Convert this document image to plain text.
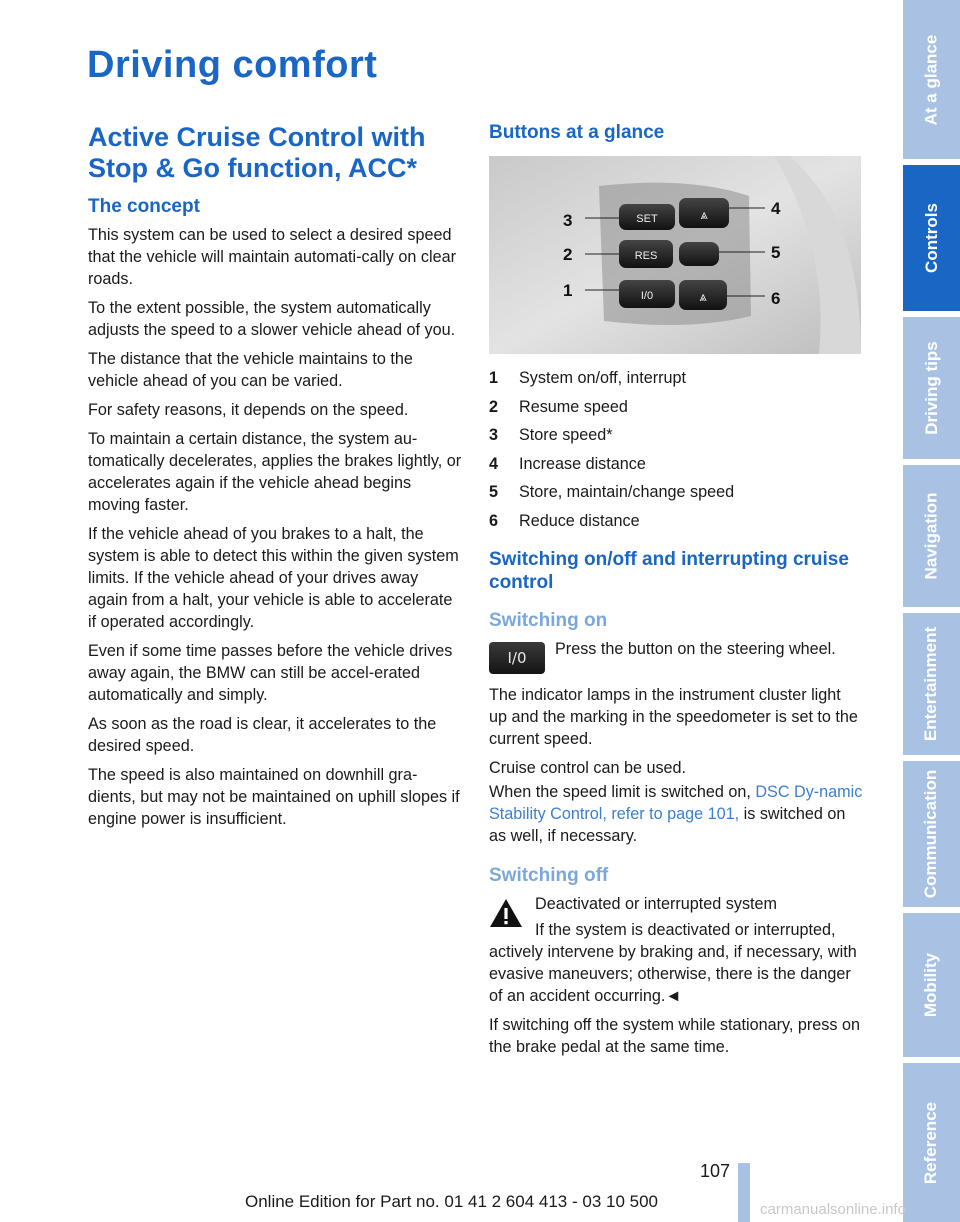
Driving comfort
Active Cruise Control with Stop & Go function, ACC*
The concept

This system can be used to select a desired speed that the vehicle will maintain automati-cally on clear roads.

To the extent possible, the system automatically adjusts the speed to a slower vehicle ahead of you.

The distance that the vehicle maintains to the vehicle ahead of you can be varied.

For safety reasons, it depends on the speed.

To maintain a certain distance, the system au-tomatically decelerates, applies the brakes lightly, or accelerates again if the vehicle ahead begins moving faster.

If the vehicle ahead of you brakes to a halt, the system is able to detect this within the given system limits. If the vehicle ahead of your drives away again from a halt, your vehicle is able to accelerate if operated accordingly.

Even if some time passes before the vehicle drives away again, the BMW can still be accel-erated automatically and simply.

As soon as the road is clear, it accelerates to the desired speed.

The speed is also maintained on downhill gra-dients, but may not be maintained on uphill slopes if engine power is insufficient.

Buttons at a glance
SET	⩓
RES
I/0	⩓
3
2
1
4
5
6
1	System on/off, interrupt
2	Resume speed
3	Store speed*
4	Increase distance
5	Store, maintain/change speed
6	Reduce distance
Switching on/off and interrupting cruise control
Switching on
I/0	Press the button on the steering wheel.

The indicator lamps in the instrument cluster light up and the marking in the speedometer is set to the current speed.

Cruise control can be used.

When the speed limit is switched on, DSC Dy-namic Stability Control, refer to page 101, is switched on as well, if necessary.

Switching off

Deactivated or interrupted system

If the system is deactivated or interrupted,

actively intervene by braking and, if necessary, with evasive maneuvers; otherwise, there is the danger of an accident occurring.◄

If switching off the system while stationary, press on the brake pedal at the same time.

At a glance
Controls
Driving tips
Navigation
Entertainment
Communication
Mobility
Reference
107
Online Edition for Part no. 01 41 2 604 413 - 03 10 500	carmanualsonline.info
